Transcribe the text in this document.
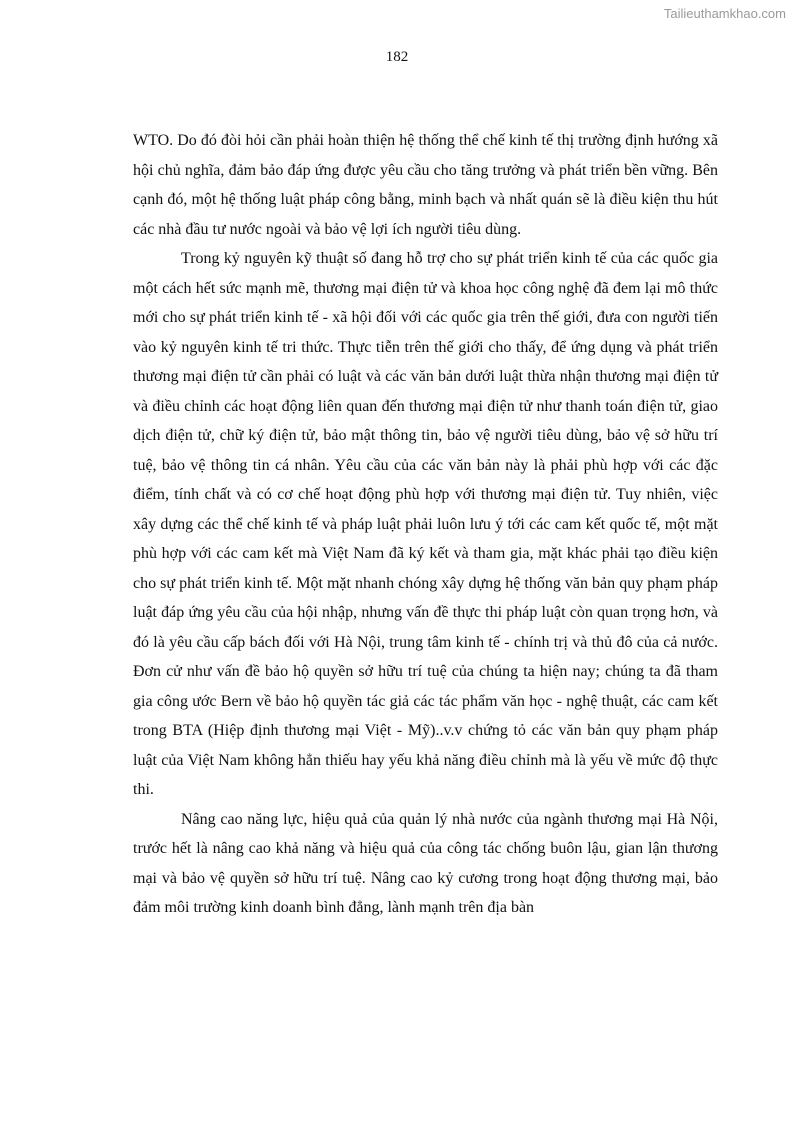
Tailieuthamkhao.com
182

WTO. Do đó đòi hỏi cần phải hoàn thiện hệ thống thể chế kinh tế thị trường định hướng xã hội chủ nghĩa, đảm bảo đáp ứng được yêu cầu cho tăng trưởng và phát triển bền vững. Bên cạnh đó, một hệ thống luật pháp công bằng, minh bạch và nhất quán sẽ là điều kiện thu hút các nhà đầu tư nước ngoài và bảo vệ lợi ích người tiêu dùng.

Trong kỷ nguyên kỹ thuật số đang hỗ trợ cho sự phát triển kinh tế của các quốc gia một cách hết sức mạnh mẽ, thương mại điện tử và khoa học công nghệ đã đem lại mô thức mới cho sự phát triển kinh tế - xã hội đối với các quốc gia trên thế giới, đưa con người tiến vào kỷ nguyên kinh tế tri thức. Thực tiễn trên thế giới cho thấy, để ứng dụng và phát triển thương mại điện tử cần phải có luật và các văn bản dưới luật thừa nhận thương mại điện tử và điều chỉnh các hoạt động liên quan đến thương mại điện tử như thanh toán điện tử, giao dịch điện tử, chữ ký điện tử, bảo mật thông tin, bảo vệ người tiêu dùng, bảo vệ sở hữu trí tuệ, bảo vệ thông tin cá nhân. Yêu cầu của các văn bản này là phải phù hợp với các đặc điểm, tính chất và có cơ chế hoạt động phù hợp với thương mại điện tử. Tuy nhiên, việc xây dựng các thể chế kinh tế và pháp luật phải luôn lưu ý tới các cam kết quốc tế, một mặt phù hợp với các cam kết mà Việt Nam đã ký kết và tham gia, mặt khác phải tạo điều kiện cho sự phát triển kinh tế. Một mặt nhanh chóng xây dựng hệ thống văn bản quy phạm pháp luật đáp ứng yêu cầu của hội nhập, nhưng vấn đề thực thi pháp luật còn quan trọng hơn, và đó là yêu cầu cấp bách đối với Hà Nội, trung tâm kinh tế - chính trị và thủ đô của cả nước. Đơn cử như vấn đề bảo hộ quyền sở hữu trí tuệ của chúng ta hiện nay; chúng ta đã tham gia công ước Bern về bảo hộ quyền tác giả các tác phẩm văn học - nghệ thuật, các cam kết trong BTA (Hiệp định thương mại Việt - Mỹ)..v.v chứng tỏ các văn bản quy phạm pháp luật của Việt Nam không hẳn thiếu hay yếu khả năng điều chỉnh mà là yếu về mức độ thực thi.

Nâng cao năng lực, hiệu quả của quản lý nhà nước của ngành thương mại Hà Nội, trước hết là nâng cao khả năng và hiệu quả của công tác chống buôn lậu, gian lận thương mại và bảo vệ quyền sở hữu trí tuệ. Nâng cao kỷ cương trong hoạt động thương mại, bảo đảm môi trường kinh doanh bình đẳng, lành mạnh trên địa bàn
